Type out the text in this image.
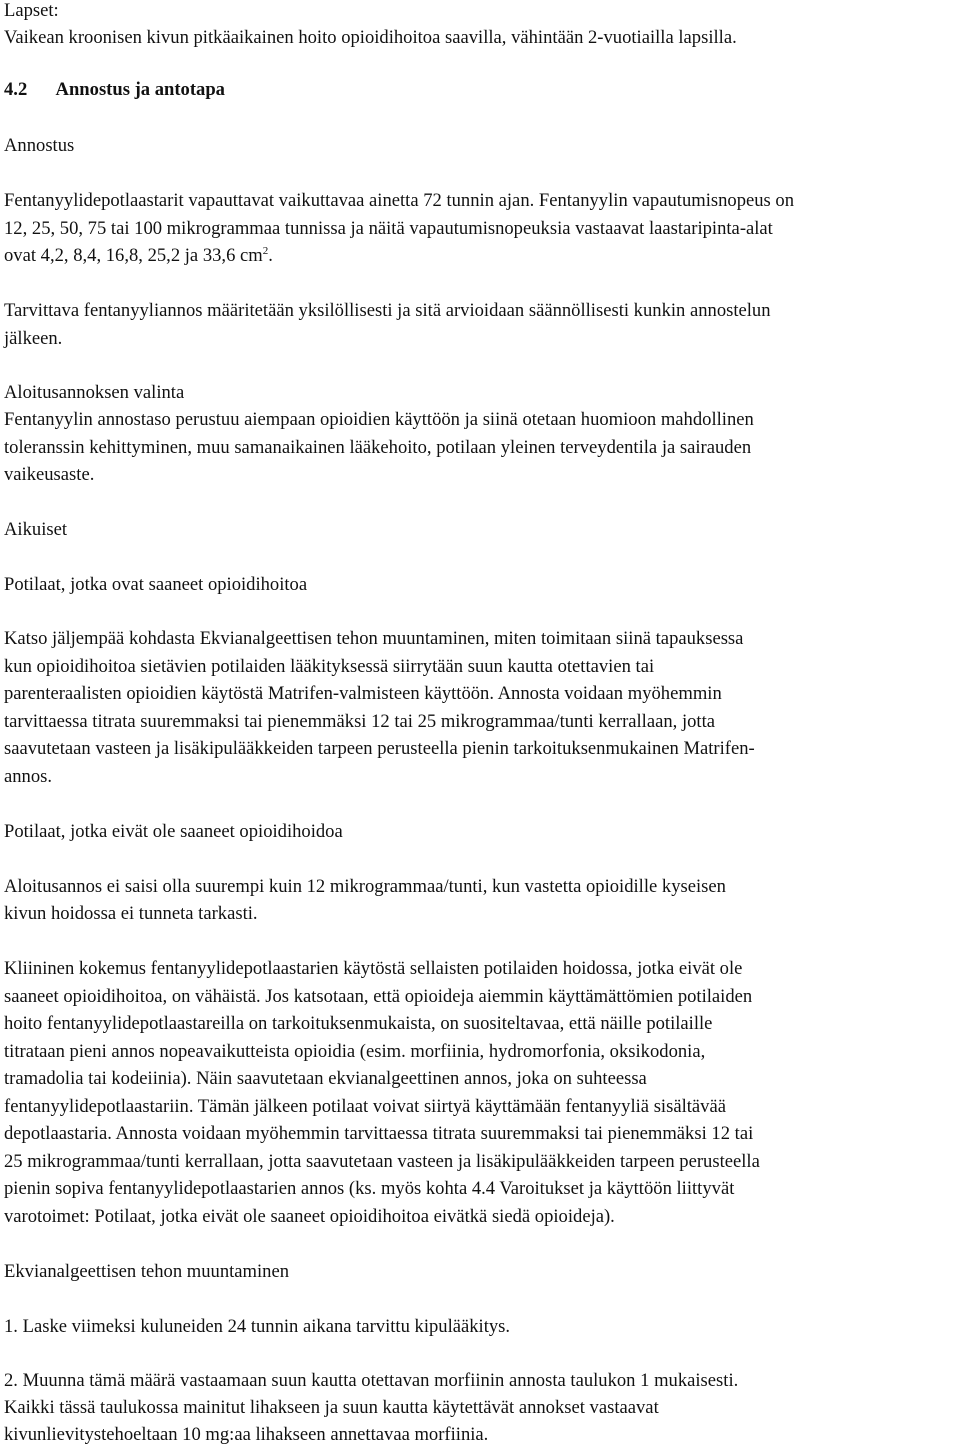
Lapset:
Vaikean kroonisen kivun pitkäaikainen hoito opioidihoitoa saavilla, vähintään 2-vuotiailla lapsilla.
4.2 Annostus ja antotapa
Annostus
Fentanyylidepotlaastarit vapauttavat vaikuttavaa ainetta 72 tunnin ajan. Fentanyylin vapautumisnopeus on
12, 25, 50, 75 tai 100 mikrogrammaa tunnissa ja näitä vapautumisnopeuksia vastaavat laastaripinta-alat
ovat 4,2, 8,4, 16,8, 25,2 ja 33,6 $cm^2$.
Tarvittava fentanyyliannos määritetään yksilöllisesti ja sitä arvioidaan säännöllisesti kunkin annostelun
jälkeen.
Aloitusannoksen valinta
Fentanyylin annostaso perustuu aiempaan opioidien käyttöön ja siinä otetaan huomioon mahdollinen
toleranssin kehittyminen, muu samanaikainen lääkehoito, potilaan yleinen terveydentila ja sairauden
vaikeusaste.
Aikuiset
Potilaat, jotka ovat saaneet opioidihoitoa
Katso jäljempää kohdasta Ekvianalgeettisen tehon muuntaminen, miten toimitaan siinä tapauksessa
kun opioidihoitoa sietävien potilaiden lääkityksessä siirrytään suun kautta otettavien tai
parenteraalisten opioidien käytöstä Matrifen-valmisteen käyttöön. Annosta voidaan myöhemmin
tarvittaessa titrata suuremmaksi tai pienemmäksi 12 tai 25 mikrogrammaa/tunti kerrallaan, jotta
saavutetaan vasteen ja lisäkipulääkkeiden tarpeen perusteella pienin tarkoituksenmukainen Matrifen-
annos.
Potilaat, jotka eivät ole saaneet opioidihoidoa
Aloitusannos ei saisi olla suurempi kuin 12 mikrogrammaa/tunti, kun vastetta opioidille kyseisen
kivun hoidossa ei tunneta tarkasti.
Kliininen kokemus fentanyylidepotlaastarien käytöstä sellaisten potilaiden hoidossa, jotka eivät ole
saaneet opioidihoitoa, on vähäistä. Jos katsotaan, että opioideja aiemmin käyttämättömien potilaiden
hoito fentanyylidepotlaastareilla on tarkoituksenmukaista, on suositeltavaa, että näille potilaille
titrataan pieni annos nopeavaikutteista opioidia (esim. morfiinia, hydromorfonia, oksikodonia,
tramadolia tai kodeiinia). Näin saavutetaan ekvianalgeettinen annos, joka on suhteessa
fentanyylidepotlaastariin. Tämän jälkeen potilaat voivat siirtyä käyttämään fentanyyliä sisältävää
depotlaastaria. Annosta voidaan myöhemmin tarvittaessa titrata suuremmaksi tai pienemmäksi 12 tai
25 mikrogrammaa/tunti kerrallaan, jotta saavutetaan vasteen ja lisäkipulääkkeiden tarpeen perusteella
pienin sopiva fentanyylidepotlaastarien annos (ks. myös kohta 4.4 Varoitukset ja käyttöön liittyvät
varotoimet: Potilaat, jotka eivät ole saaneet opioidihoitoa eivätkä siedä opioideja).
Ekvianalgeettisen tehon muuntaminen
1. Laske viimeksi kuluneiden 24 tunnin aikana tarvittu kipulääkitys.
2. Muunna tämä määrä vastaamaan suun kautta otettavan morfiinin annosta taulukon 1 mukaisesti.
Kaikki tässä taulukossa mainitut lihakseen ja suun kautta käytettävät annokset vastaavat
kivunlievitystehoeltaan 10 mg:aa lihakseen annettavaa morfiinia.
